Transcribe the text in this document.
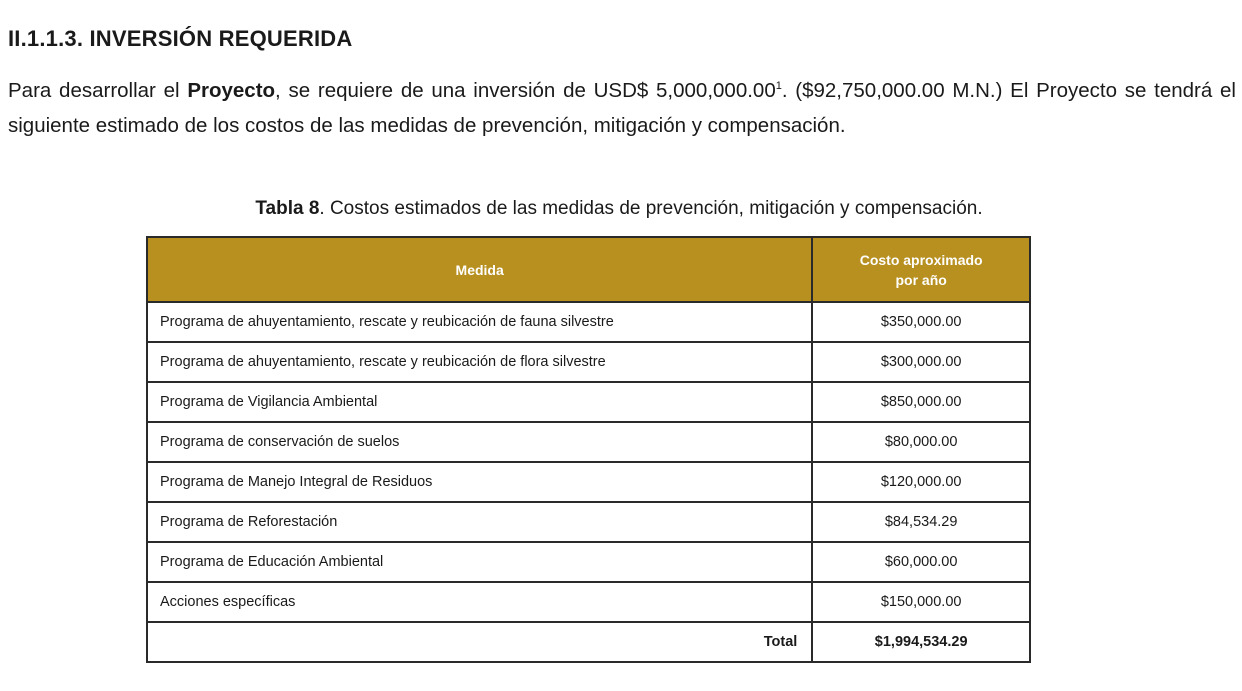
II.1.1.3. INVERSIÓN REQUERIDA
Para desarrollar el Proyecto, se requiere de una inversión de USD$ 5,000,000.00$^1$. ($92,750,000.00 M.N.) El Proyecto se tendrá el siguiente estimado de los costos de las medidas de prevención, mitigación y compensación.
Tabla 8. Costos estimados de las medidas de prevención, mitigación y compensación.
Medida	Costo aproximado
por año
Programa de ahuyentamiento, rescate y reubicación de fauna silvestre	$350,000.00
Programa de ahuyentamiento, rescate y reubicación de flora silvestre	$300,000.00
Programa de Vigilancia Ambiental	$850,000.00
Programa de conservación de suelos	$80,000.00
Programa de Manejo Integral de Residuos	$120,000.00
Programa de Reforestación	$84,534.29
Programa de Educación Ambiental	$60,000.00
Acciones específicas	$150,000.00
Total	$1,994,534.29
